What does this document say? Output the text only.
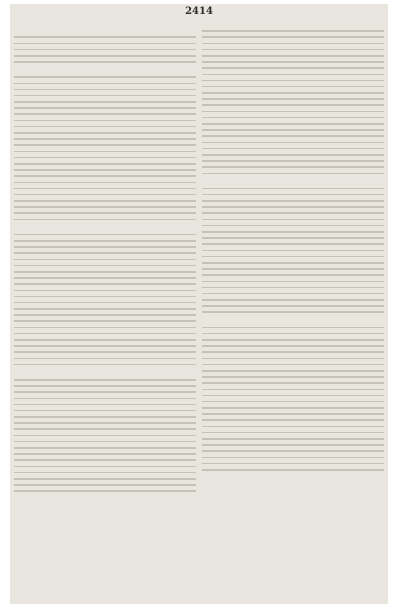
2414
